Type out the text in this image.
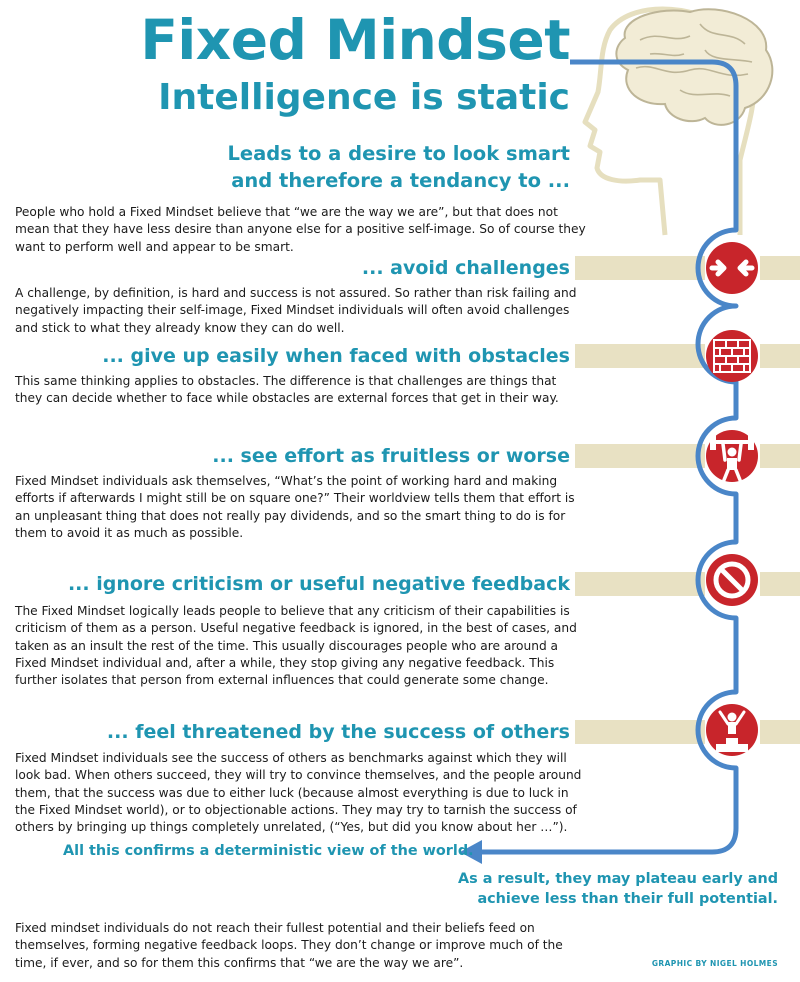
Fixed Mindset
Intelligence is static
Leads to a desire to look smart
and therefore a tendancy to ...
People who hold a Fixed Mindset believe that “we are the way we are”, but that does not mean that they have less desire than anyone else for a positive self-image. So of course they want to perform well and appear to be smart.
... avoid challenges
A challenge, by definition, is hard and success is not assured. So rather than risk failing and negatively impacting their self-image, Fixed Mindset individuals will often avoid challenges and stick to what they already know they can do well.
... give up easily when faced with obstacles
This same thinking applies to obstacles. The difference is that challenges are things that they can decide whether to face while obstacles are external forces that get in their way.
... see effort as fruitless or worse
Fixed Mindset individuals ask themselves, “What’s the point of working hard and making efforts if afterwards I might still be on square one?” Their worldview tells them that effort is an unpleasant thing that does not really pay dividends, and so the smart thing to do is for them to avoid it as much as possible.
... ignore criticism or useful negative feedback
The Fixed Mindset logically leads people to believe that any criticism of their capabilities is criticism of them as a person. Useful negative feedback is ignored, in the best of cases, and taken as an insult the rest of the time. This usually discourages people who are around a Fixed Mindset individual and, after a while, they stop giving any negative feedback. This further isolates that person from external influences that could generate some change.
... feel threatened by the success of others
Fixed Mindset individuals see the success of others as benchmarks against which they will look bad. When others succeed, they will try to convince themselves, and the people around them, that the success was due to either luck (because almost everything is due to luck in the Fixed Mindset world), or to objectionable actions. They may try to tarnish the success of others by bringing up things completely unrelated, (“Yes, but did you know about her …”).
All this confirms a deterministic view of the world.
As a result, they may plateau early and
achieve less than their full potential.
Fixed mindset individuals do not reach their fullest potential and their beliefs feed on themselves, forming negative feedback loops. They don’t change or improve much of the time, if ever, and so for them this confirms that “we are the way we are”.	GRAPHIC BY NIGEL HOLMES
